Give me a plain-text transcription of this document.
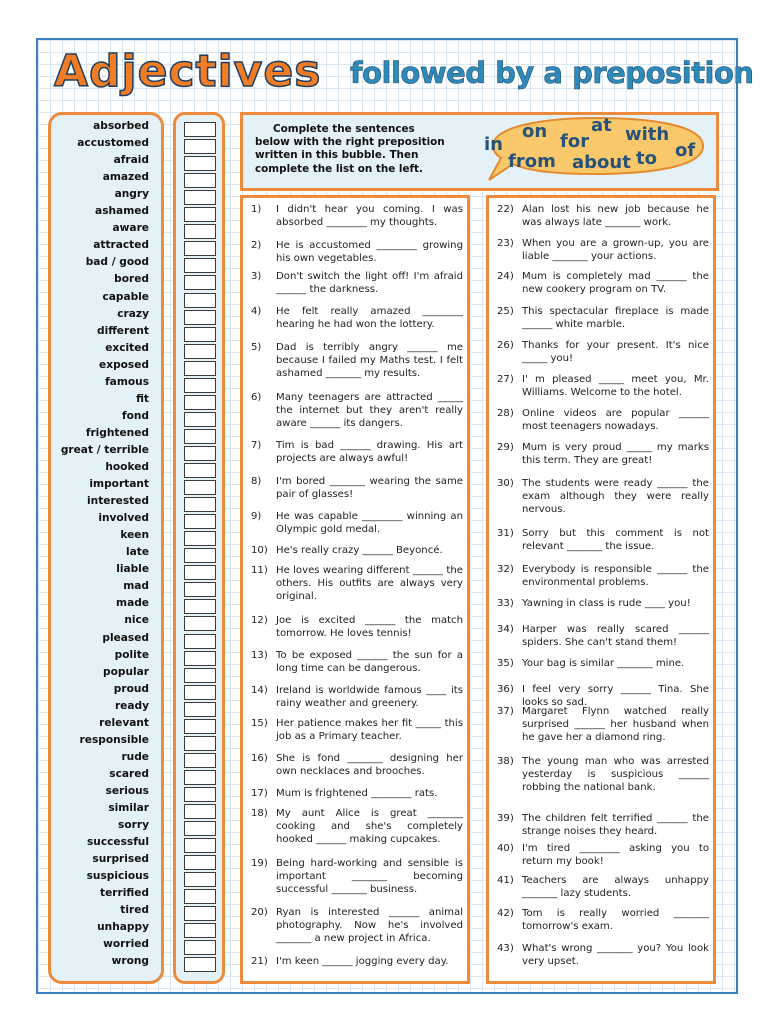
Adjectives followed by a preposition
absorbed
accustomed
afraid
amazed
angry
ashamed
aware
attracted
bad / good
bored
capable
crazy
different
excited
exposed
famous
fit
fond
frightened
great / terrible
hooked
important
interested
involved
keen
late
liable
mad
made
nice
pleased
polite
popular
proud
ready
relevant
responsible
rude
scared
serious
similar
sorry
successful
surprised
suspicious
terrified
tired
unhappy
worried
wrong
Complete the sentences below with the right preposition written in this bubble. Then complete the list on the left.
in
on at
for with
from about to of
1)	I didn't hear you coming. I was absorbed ________ my thoughts.
2)	He is accustomed ________ growing his own vegetables.
3)	Don't switch the light off! I'm afraid ______ the darkness.
4)	He felt really amazed ________ hearing he had won the lottery.
5)	Dad is terribly angry ______ me because I failed my Maths test. I felt ashamed _______ my results.
6)	Many teenagers are attracted _____ the internet but they aren't really aware ______ its dangers.
7)	Tim is bad ______ drawing. His art projects are always awful!
8)	I'm bored _______ wearing the same pair of glasses!
9)	He was capable ________ winning an Olympic gold medal.
10) He's really crazy ______ Beyoncé.
11) He loves wearing different ______ the others. His outfits are always very original.
12) Joe is excited ______ the match tomorrow. He loves tennis!
13) To be exposed ______ the sun for a long time can be dangerous.
14) Ireland is worldwide famous ____ its rainy weather and greenery.
15) Her patience makes her fit _____ this job as a Primary teacher.
16) She is fond _______ designing her own necklaces and brooches.
17) Mum is frightened ________ rats.
18) My aunt Alice is great _______ cooking and she's completely hooked ______ making cupcakes.
19) Being hard-working and sensible is important _______ becoming successful _______ business.
20) Ryan is interested ______ animal photography. Now he's involved _______ a new project in Africa.
21) I'm keen ______ jogging every day.
22) Alan lost his new job because he was always late _______ work.
23) When you are a grown-up, you are liable _______ your actions.
24) Mum is completely mad ______ the new cookery program on TV.
25) This spectacular fireplace is made ______ white marble.
26) Thanks for your present. It's nice _____ you!
27) I' m pleased _____ meet you, Mr. Williams. Welcome to the hotel.
28) Online videos are popular ______ most teenagers nowadays.
29) Mum is very proud _____ my marks this term. They are great!
30) The students were ready ______ the exam although they were really nervous.
31) Sorry but this comment is not relevant _______ the issue.
32) Everybody is responsible ______ the environmental problems.
33) Yawning in class is rude ____ you!
34) Harper was really scared ______ spiders. She can't stand them!
35) Your bag is similar _______ mine.
36) I feel very sorry ______ Tina. She looks so sad.
37) Margaret Flynn watched really surprised ______ her husband when he gave her a diamond ring.
38) The young man who was arrested yesterday is suspicious ______ robbing the national bank.
39) The children felt terrified ______ the strange noises they heard.
40) I'm tired ________ asking you to return my book!
41) Teachers are always unhappy _______ lazy students.
42) Tom is really worried _______ tomorrow's exam.
43) What's wrong _______ you? You look very upset.
